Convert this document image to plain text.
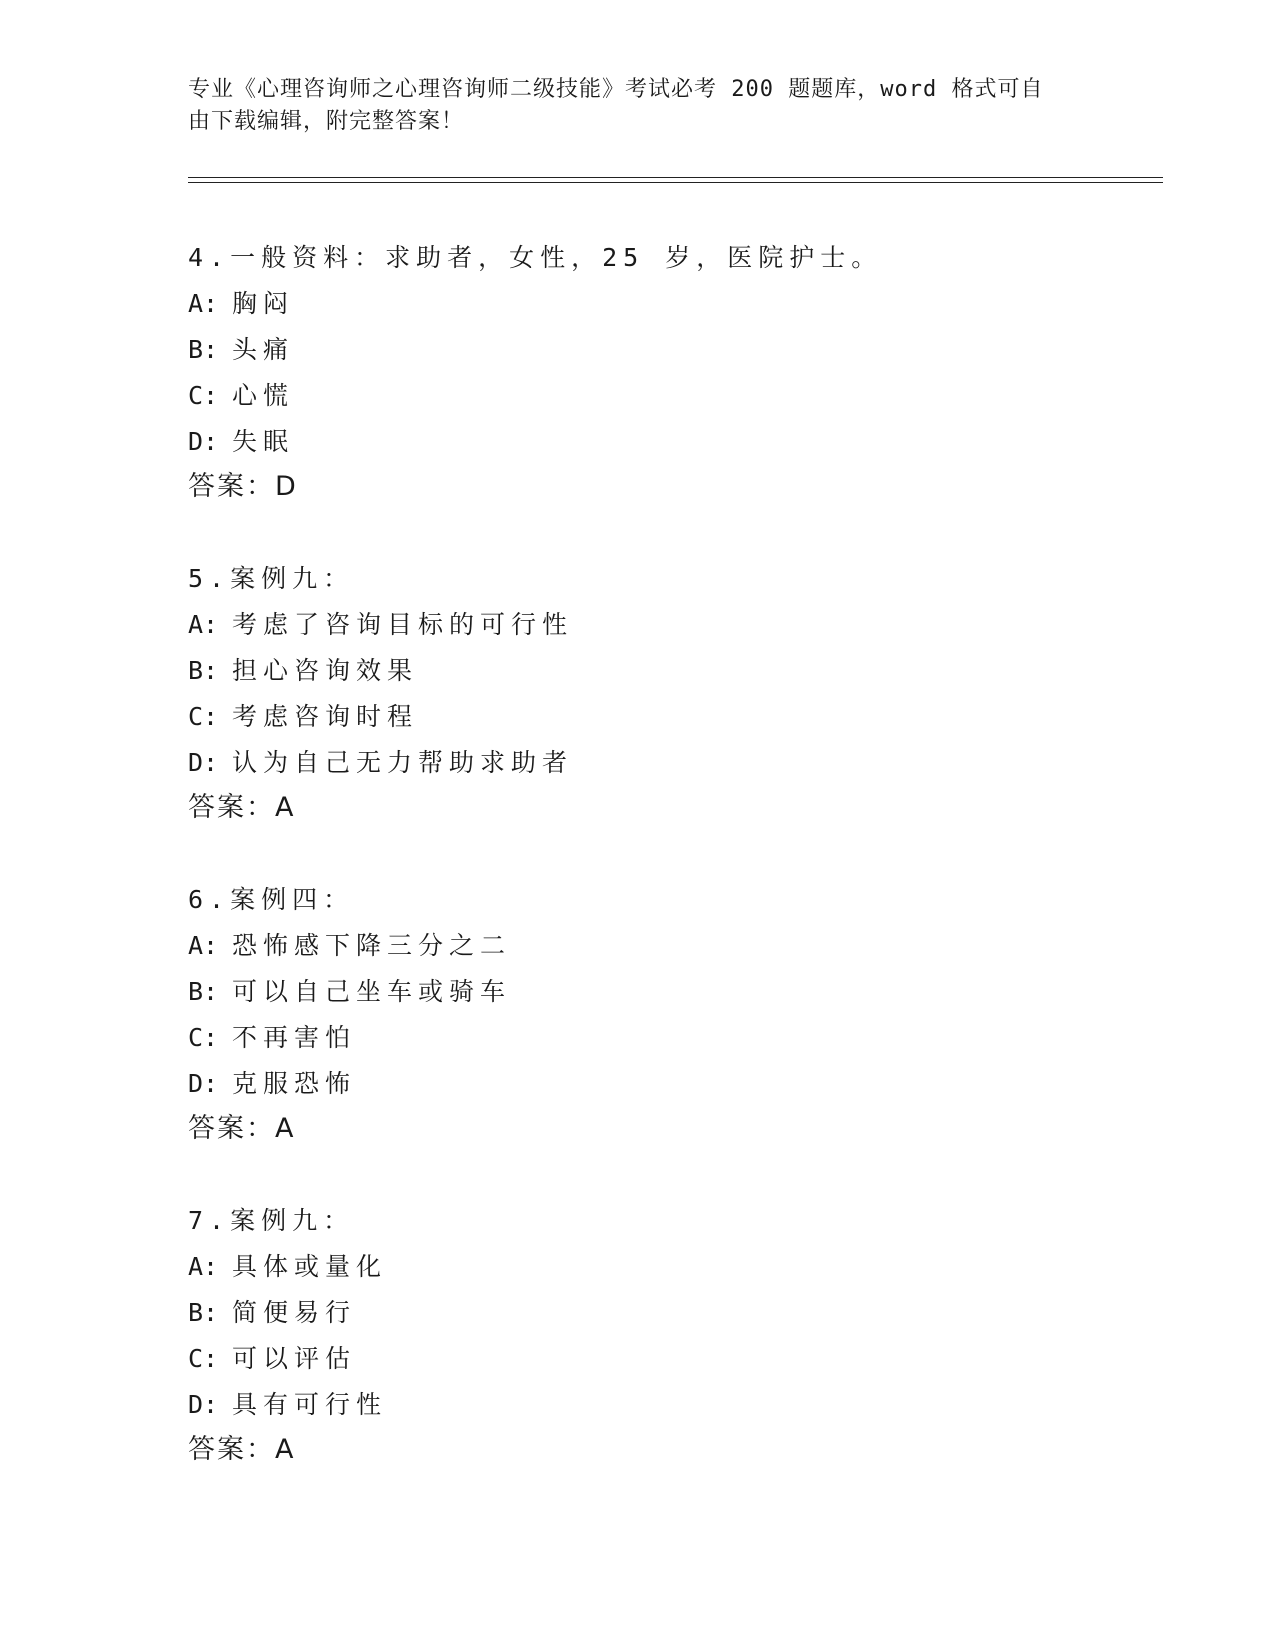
专业《心理咨询师之心理咨询师二级技能》考试必考 200 题题库，word 格式可自
由下载编辑，附完整答案！
4.一般资料：求助者，女性，25 岁，医院护士。
A: 胸闷
B: 头痛
C: 心慌
D: 失眠
答案：D
5.案例九：
A: 考虑了咨询目标的可行性
B: 担心咨询效果
C: 考虑咨询时程
D: 认为自己无力帮助求助者
答案：A
6.案例四：
A: 恐怖感下降三分之二
B: 可以自己坐车或骑车
C: 不再害怕
D: 克服恐怖
答案：A
7.案例九：
A: 具体或量化
B: 简便易行
C: 可以评估
D: 具有可行性
答案：A
